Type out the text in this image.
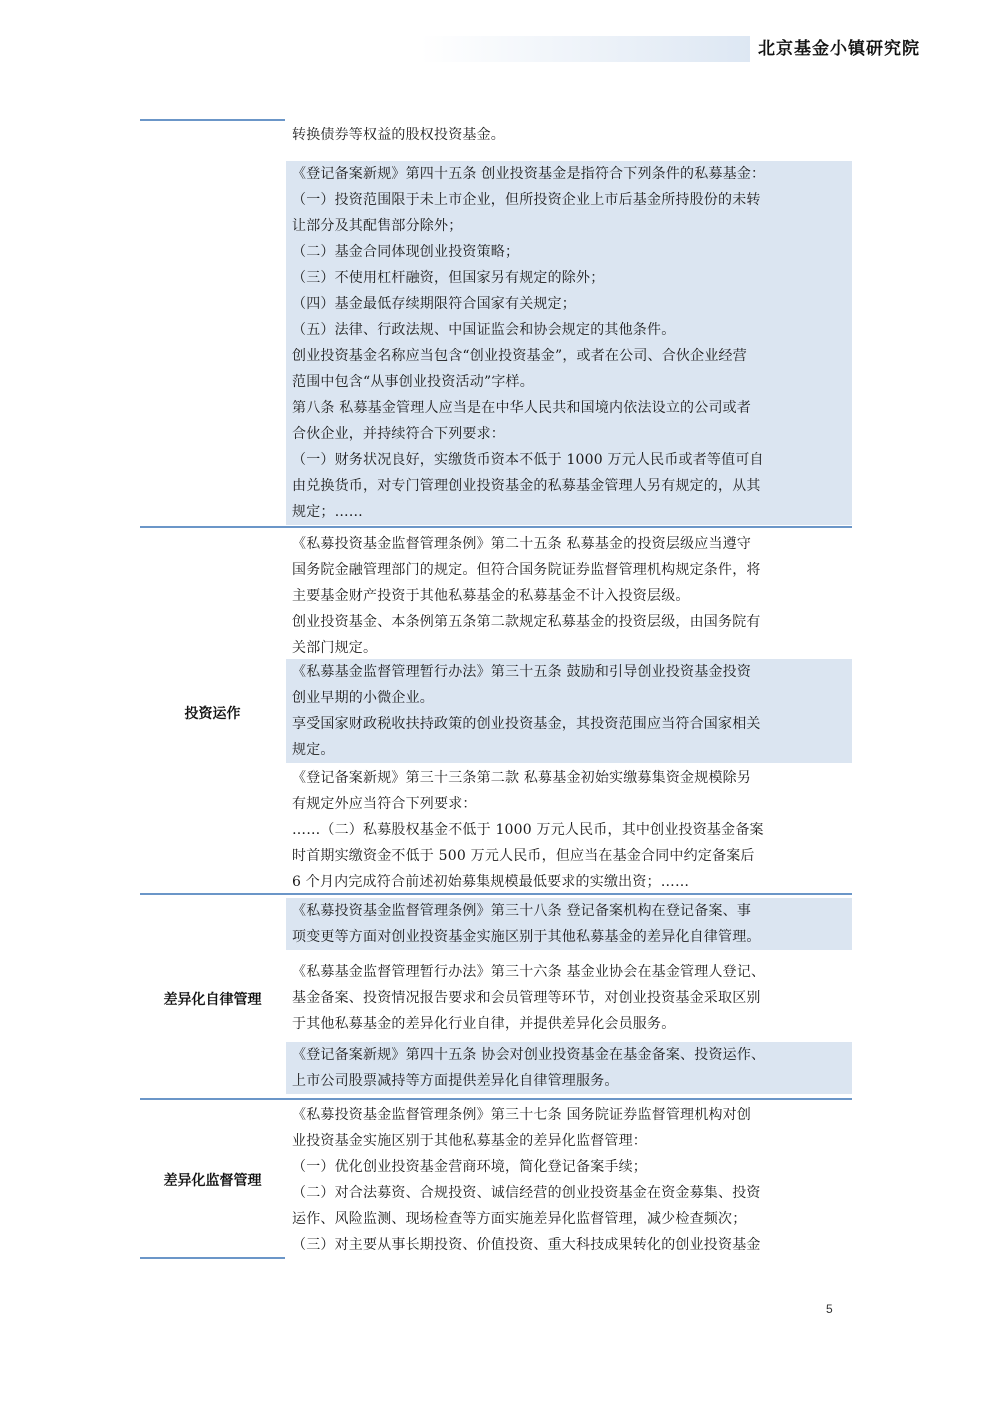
北京基金小镇研究院
转换债券等权益的股权投资基金。
《登记备案新规》第四十五条 创业投资基金是指符合下列条件的私募基金：
（一）投资范围限于未上市企业，但所投资企业上市后基金所持股份的未转
让部分及其配售部分除外；
（二）基金合同体现创业投资策略；
（三）不使用杠杆融资，但国家另有规定的除外；
（四）基金最低存续期限符合国家有关规定；
（五）法律、行政法规、中国证监会和协会规定的其他条件。
创业投资基金名称应当包含“创业投资基金”，或者在公司、合伙企业经营
范围中包含“从事创业投资活动”字样。
第八条 私募基金管理人应当是在中华人民共和国境内依法设立的公司或者
合伙企业，并持续符合下列要求：
（一）财务状况良好，实缴货币资本不低于 1000 万元人民币或者等值可自
由兑换货币，对专门管理创业投资基金的私募基金管理人另有规定的，从其
规定；……
《私募投资基金监督管理条例》第二十五条 私募基金的投资层级应当遵守
国务院金融管理部门的规定。但符合国务院证券监督管理机构规定条件，将
主要基金财产投资于其他私募基金的私募基金不计入投资层级。
创业投资基金、本条例第五条第二款规定私募基金的投资层级，由国务院有
关部门规定。
《私募基金监督管理暂行办法》第三十五条 鼓励和引导创业投资基金投资
创业早期的小微企业。
享受国家财政税收扶持政策的创业投资基金，其投资范围应当符合国家相关
规定。
《登记备案新规》第三十三条第二款 私募基金初始实缴募集资金规模除另
有规定外应当符合下列要求：
……（二）私募股权基金不低于 1000 万元人民币，其中创业投资基金备案
时首期实缴资金不低于 500 万元人民币，但应当在基金合同中约定备案后
6 个月内完成符合前述初始募集规模最低要求的实缴出资；……
《私募投资基金监督管理条例》第三十八条 登记备案机构在登记备案、事
项变更等方面对创业投资基金实施区别于其他私募基金的差异化自律管理。
《私募基金监督管理暂行办法》第三十六条 基金业协会在基金管理人登记、
基金备案、投资情况报告要求和会员管理等环节，对创业投资基金采取区别
于其他私募基金的差异化行业自律，并提供差异化会员服务。
《登记备案新规》第四十五条 协会对创业投资基金在基金备案、投资运作、
上市公司股票减持等方面提供差异化自律管理服务。
《私募投资基金监督管理条例》第三十七条 国务院证券监督管理机构对创
业投资基金实施区别于其他私募基金的差异化监督管理：
（一）优化创业投资基金营商环境，简化登记备案手续；
（二）对合法募资、合规投资、诚信经营的创业投资基金在资金募集、投资
运作、风险监测、现场检查等方面实施差异化监督管理，减少检查频次；
（三）对主要从事长期投资、价值投资、重大科技成果转化的创业投资基金
投资运作
差异化自律管理
差异化监督管理
5
